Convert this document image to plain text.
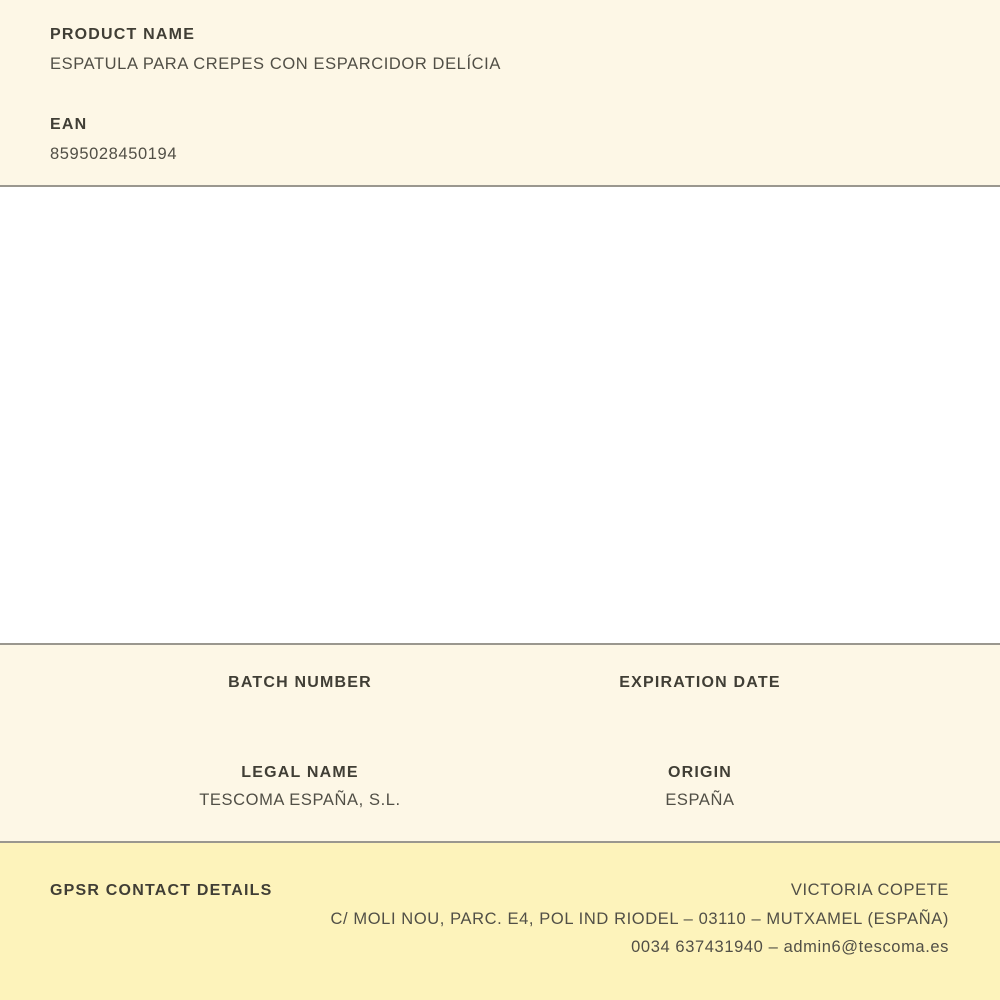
PRODUCT NAME
ESPATULA PARA CREPES CON ESPARCIDOR DELÍCIA
EAN
8595028450194
BATCH NUMBER	EXPIRATION DATE
LEGAL NAME
TESCOMA ESPAÑA, S.L.
ORIGIN
ESPAÑA
GPSR CONTACT DETAILS	VICTORIA COPETE
C/ MOLI NOU, PARC. E4, POL IND RIODEL – 03110 – MUTXAMEL (ESPAÑA)
0034 637431940 – admin6@tescoma.es
